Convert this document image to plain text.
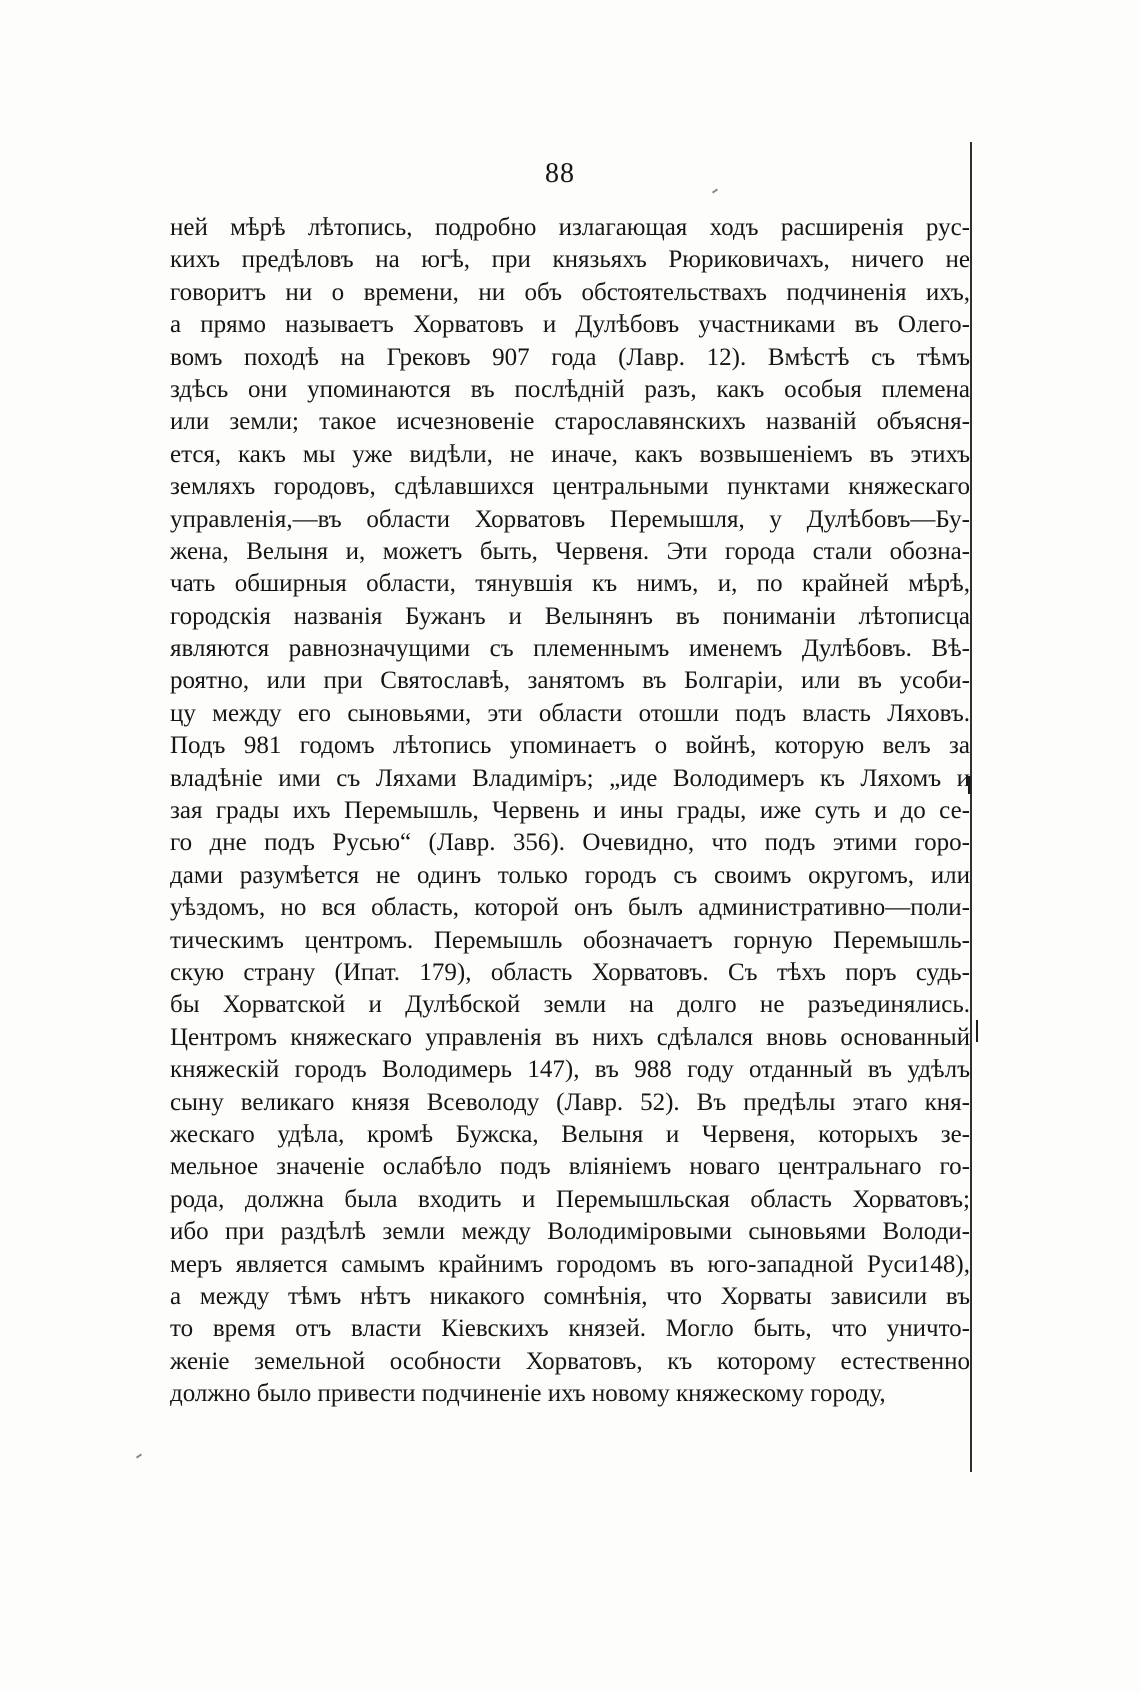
88
ней мѣрѣ лѣтопись, подробно излагающая ходъ расширенія рус-
кихъ предѣловъ на югѣ, при князьяхъ Рюриковичахъ, ничего не
говоритъ ни о времени, ни объ обстоятельствахъ подчиненія ихъ,
а прямо называетъ Хорватовъ и Дулѣбовъ участниками въ Олего-
вомъ походѣ на Грековъ 907 года (Лавр. 12). Вмѣстѣ съ тѣмъ
здѣсь они упоминаются въ послѣдній разъ, какъ особыя племена
или земли; такое исчезновеніе старославянскихъ названій объясня-
ется, какъ мы уже видѣли, не иначе, какъ возвышеніемъ въ этихъ
земляхъ городовъ, сдѣлавшихся центральными пунктами княжескаго
управленія,—въ области Хорватовъ Перемышля, у Дулѣбовъ—Бу-
жена, Велыня и, можетъ быть, Червеня. Эти города стали обозна-
чать обширныя области, тянувшія къ нимъ, и, по крайней мѣрѣ,
городскія названія Бужанъ и Велынянъ въ пониманіи лѣтописца
являются равнозначущими съ племеннымъ именемъ Дулѣбовъ. Вѣ-
роятно, или при Святославѣ, занятомъ въ Болгаріи, или въ усоби-
цу между его сыновьями, эти области отошли подъ власть Ляховъ.
Подъ 981 годомъ лѣтопись упоминаетъ о войнѣ, которую велъ за
владѣніе ими съ Ляхами Владиміръ; „иде Володимеръ къ Ляхомъ и
зая грады ихъ Перемышль, Червень и ины грады, иже суть и до се-
го дне подъ Русью“ (Лавр. 356). Очевидно, что подъ этими горо-
дами разумѣется не одинъ только городъ съ своимъ округомъ, или
уѣздомъ, но вся область, которой онъ былъ административно—поли-
тическимъ центромъ. Перемышль обозначаетъ горную Перемышль-
скую страну (Ипат. 179), область Хорватовъ. Съ тѣхъ поръ судь-
бы Хорватской и Дулѣбской земли на долго не разъединялись.
Центромъ княжескаго управленія въ нихъ сдѣлался вновь основанный
княжескій городъ Володимерь 147), въ 988 году отданный въ удѣлъ
сыну великаго князя Всеволоду (Лавр. 52). Въ предѣлы этаго кня-
жескаго удѣла, кромѣ Бужска, Велыня и Червеня, которыхъ зе-
мельное значеніе ослабѣло подъ вліяніемъ новаго центральнаго го-
рода, должна была входить и Перемышльская область Хорватовъ;
ибо при раздѣлѣ земли между Володиміровыми сыновьями Володи-
меръ является самымъ крайнимъ городомъ въ юго-западной Руси148),
а между тѣмъ нѣтъ никакого сомнѣнія, что Хорваты зависили въ
то время отъ власти Кіевскихъ князей. Могло быть, что уничто-
женіе земельной особности Хорватовъ, къ которому естественно
должно было привести подчиненіе ихъ новому княжескому городу,
